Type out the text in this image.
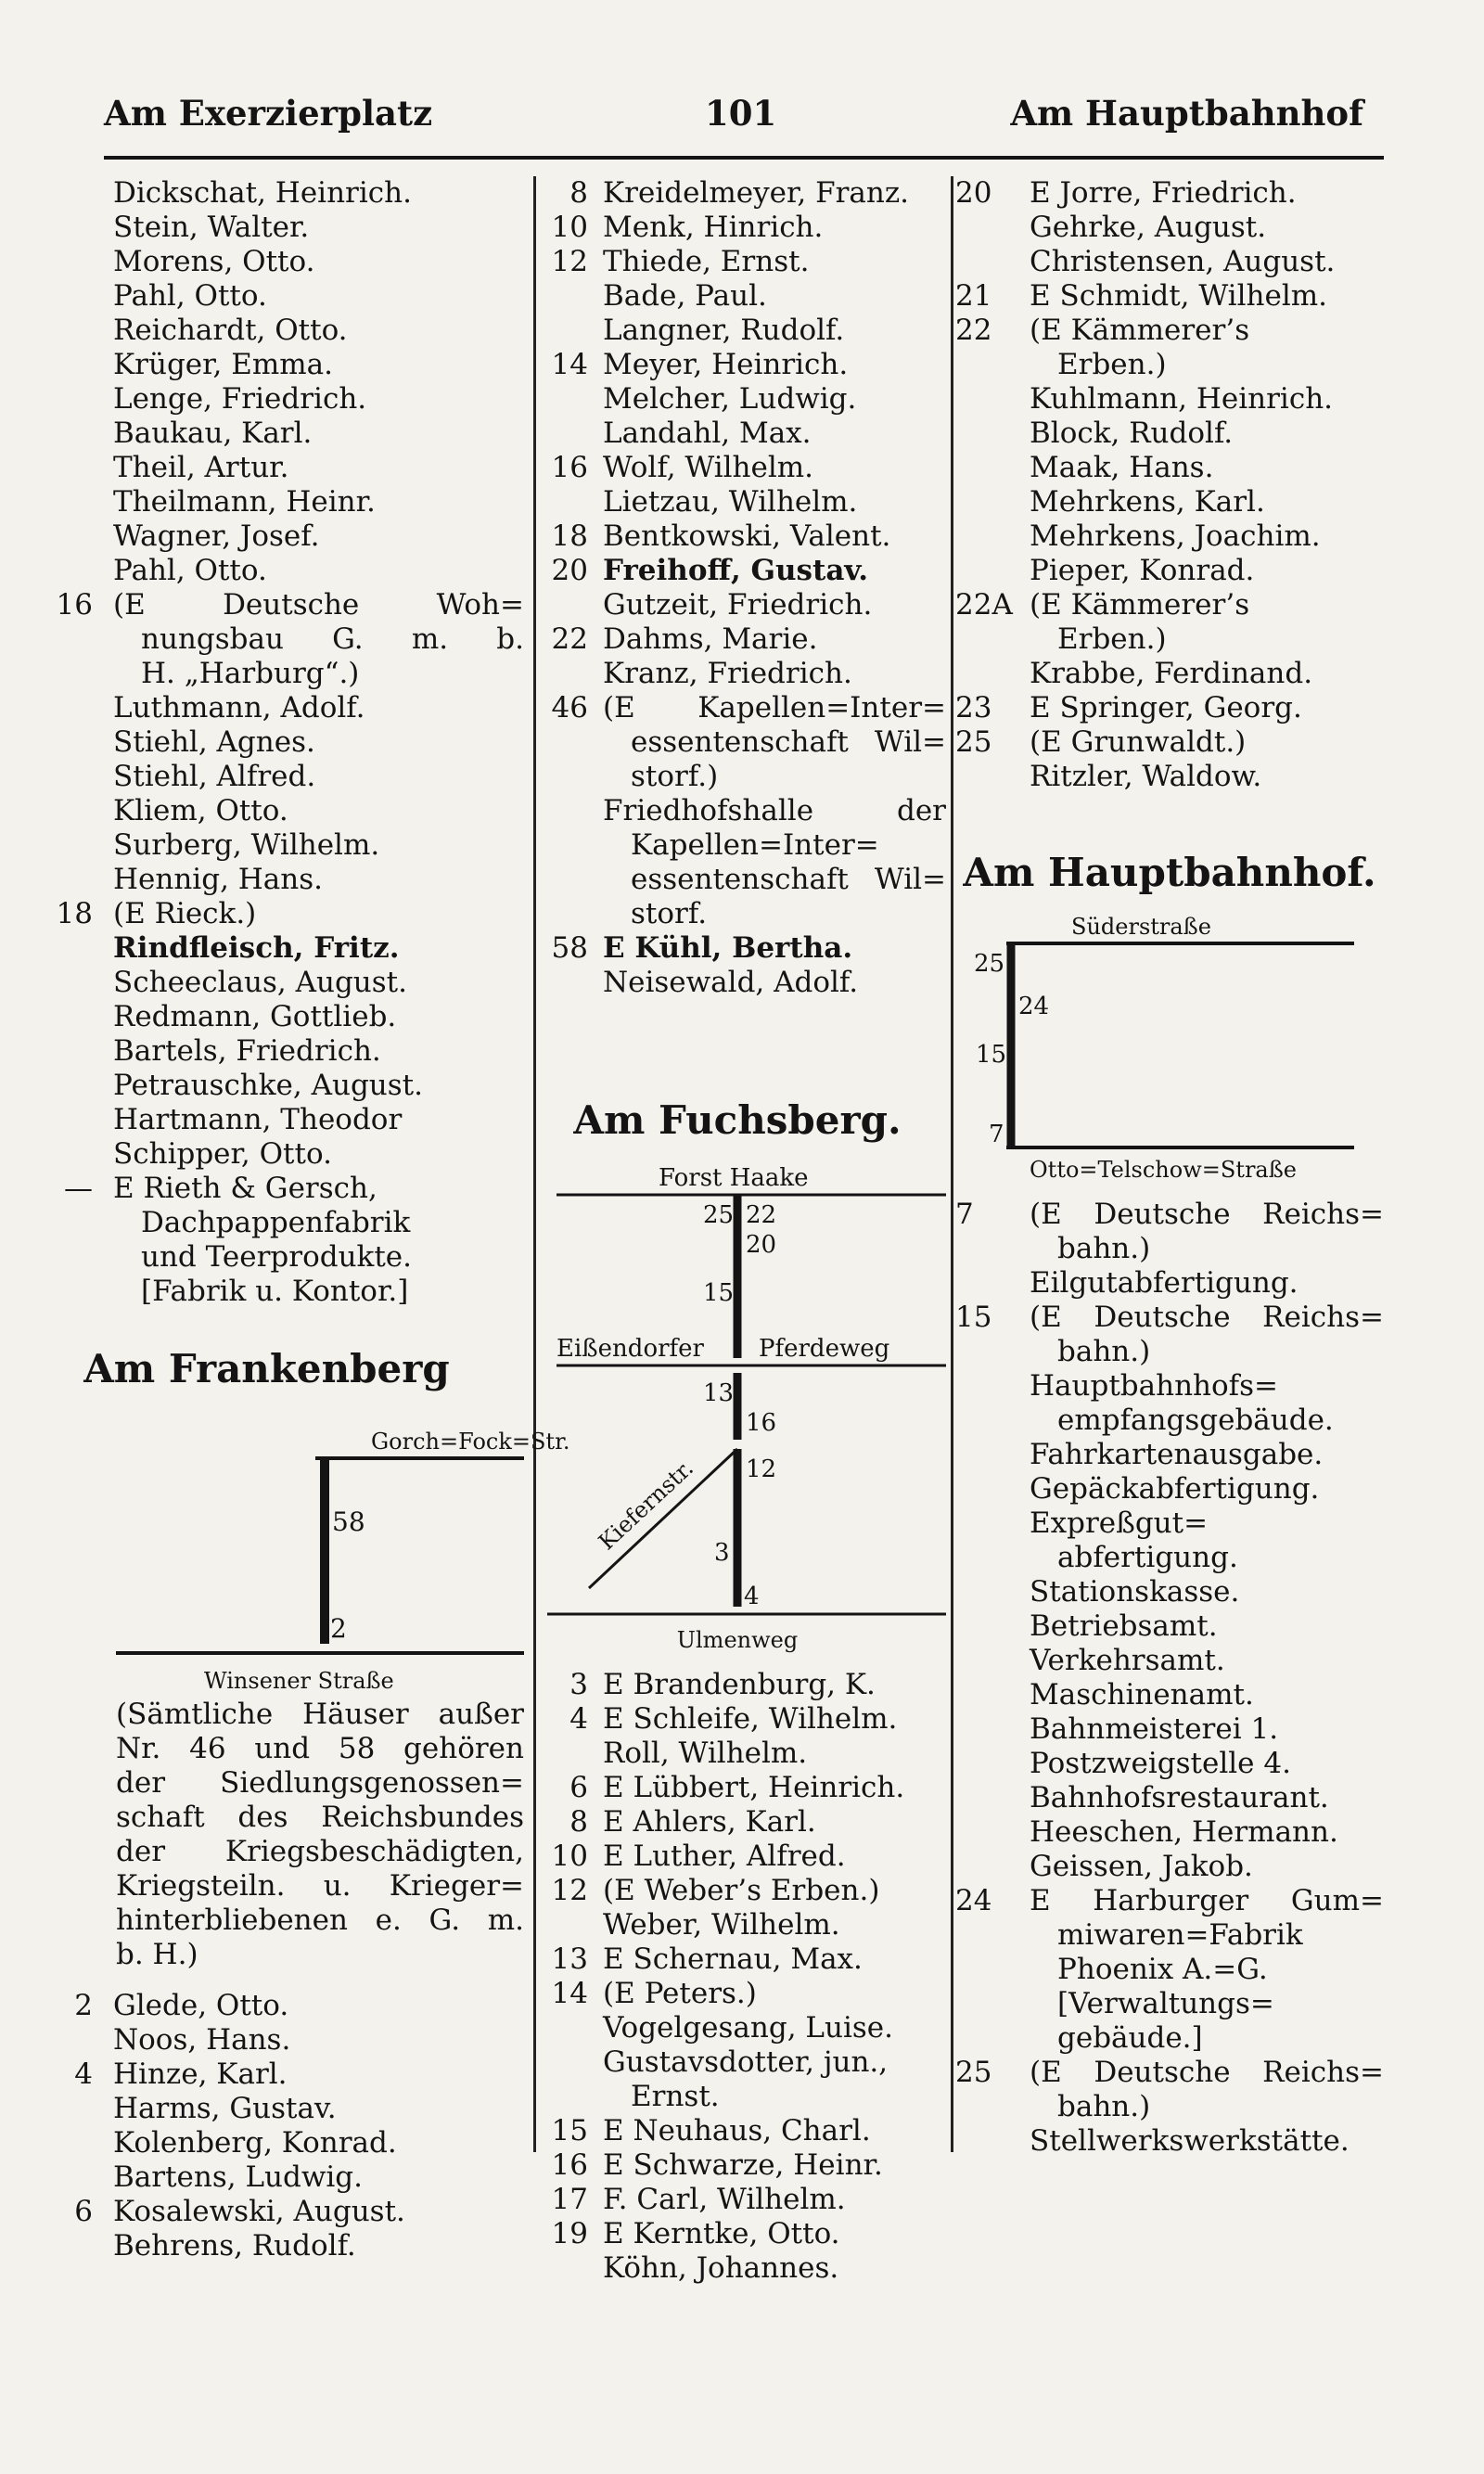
Am Exerzierplatz	101	Am Hauptbahnhof
Dickschat, Heinrich.
Stein, Walter.
Morens, Otto.
Pahl, Otto.
Reichardt, Otto.
Krüger, Emma.
Lenge, Friedrich.
Baukau, Karl.
Theil, Artur.
Theilmann, Heinr.
Wagner, Josef.
Pahl, Otto.
16 (E Deutsche Woh=
nungsbau G. m. b.
H. „Harburg“.)
Luthmann, Adolf.
Stiehl, Agnes.
Stiehl, Alfred.
Kliem, Otto.
Surberg, Wilhelm.
Hennig, Hans.
18 (E Rieck.)
Rindfleisch, Fritz.
Scheeclaus, August.
Redmann, Gottlieb.
Bartels, Friedrich.
Petrauschke, August.
Hartmann, Theodor
Schipper, Otto.
— E Rieth & Gersch,
Dachpappenfabrik
und Teerprodukte.
[Fabrik u. Kontor.]
Am Frankenberg
Gorch=Fock=Str.
58
2
Winsener Straße
(Sämtliche Häuser außer
Nr. 46 und 58 gehören
der Siedlungsgenossen=
schaft des Reichsbundes
der Kriegsbeschädigten,
Kriegsteiln. u. Krieger=
hinterbliebenen e. G. m.
b. H.)
2 Glede, Otto.
Noos, Hans.
4 Hinze, Karl.
Harms, Gustav.
Kolenberg, Konrad.
Bartens, Ludwig.
6 Kosalewski, August.
Behrens, Rudolf.
8 Kreidelmeyer, Franz.
10 Menk, Hinrich.
12 Thiede, Ernst.
Bade, Paul.
Langner, Rudolf.
14 Meyer, Heinrich.
Melcher, Ludwig.
Landahl, Max.
16 Wolf, Wilhelm.
Lietzau, Wilhelm.
18 Bentkowski, Valent.
20 Freihoff, Gustav.
Gutzeit, Friedrich.
22 Dahms, Marie.
Kranz, Friedrich.
46 (E Kapellen=Inter=
essentenschaft Wil=
storf.)
Friedhofshalle der
Kapellen=Inter=
essentenschaft Wil=
storf.
58 E Kühl, Bertha.
Neisewald, Adolf.
Am Fuchsberg.
Forst Haake
25 22
20
15
Eißendorfer Pferdeweg
13
16
Kiefernstr. 12
3
4
Ulmenweg
3 E Brandenburg, K.
4 E Schleife, Wilhelm.
Roll, Wilhelm.
6 E Lübbert, Heinrich.
8 E Ahlers, Karl.
10 E Luther, Alfred.
12 (E Weber’s Erben.)
Weber, Wilhelm.
13 E Schernau, Max.
14 (E Peters.)
Vogelgesang, Luise.
Gustavsdotter, jun.,
Ernst.
15 E Neuhaus, Charl.
16 E Schwarze, Heinr.
17 F. Carl, Wilhelm.
19 E Kerntke, Otto.
Köhn, Johannes.
20	E Jorre, Friedrich.
Gehrke, August.
Christensen, August.
21	E Schmidt, Wilhelm.
22	(E Kämmerer’s
Erben.)
Kuhlmann, Heinrich.
Block, Rudolf.
Maak, Hans.
Mehrkens, Karl.
Mehrkens, Joachim.
Pieper, Konrad.
22A (E Kämmerer’s
Erben.)
Krabbe, Ferdinand.
23	E Springer, Georg.
25	(E Grunwaldt.)
Ritzler, Waldow.
Am Hauptbahnhof.
Süderstraße
25
24
15
7
Otto=Telschow=Straße
7	(E Deutsche Reichs=
bahn.)
Eilgutabfertigung.
15	(E Deutsche Reichs=
bahn.)
Hauptbahnhofs=
empfangsgebäude.
Fahrkartenausgabe.
Gepäckabfertigung.
Expreßgut=
abfertigung.
Stationskasse.
Betriebsamt.
Verkehrsamt.
Maschinenamt.
Bahnmeisterei 1.
Postzweigstelle 4.
Bahnhofsrestaurant.
Heeschen, Hermann.
Geissen, Jakob.
24	E Harburger Gum=
miwaren=Fabrik
Phoenix A.=G.
[Verwaltungs=
gebäude.]
25	(E Deutsche Reichs=
bahn.)
Stellwerkswerkstätte.
